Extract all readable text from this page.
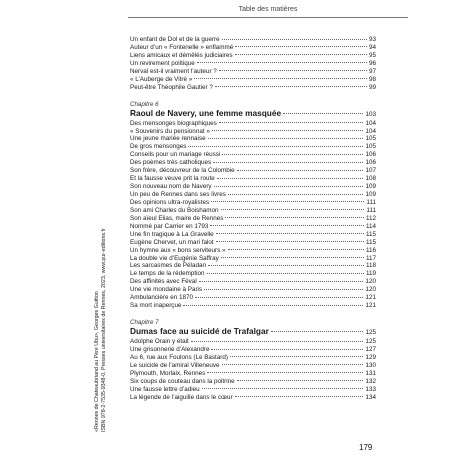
Table des matières
Un enfant de Dol et de la guerre	93
Auteur d’un « Fontenelle » enflammé	94
Liens amicaux et démêlés judiciaires	95
Un revirement politique	96
Nerval est-il vraiment l’auteur ?	97
« L’Auberge de Vitré »	98
Peut-être Théophile Gautier ?	99
Chapitre 6
Raoul de Navery, une femme masquée	103
Des mensonges biographiques	104
« Souvenirs du pensionnat »	104
Une jeune mariée rennaise	105
De gros mensonges	105
Conseils pour un mariage réussi	106
Des poèmes très catholiques	106
Son frère, découvreur de la Colombie	107
Et la fausse veuve prit la route	108
Son nouveau nom de Navery	109
Un peu de Rennes dans ses livres	109
Des opinions ultra-royalistes	111
Son ami Charles du Boishamon	111
Son aïeul Elias, maire de Rennes	112
Nommé par Carrier en 1793	114
Une fin tragique à La Gravelle	115
Eugène Chervet, un mari falot	115
Un hymne aux « bons serviteurs »	116
La double vie d’Eugénie Saffray	117
Les sarcasmes de Péladan	118
Le temps de la rédemption	119
Des affinités avec Féval	120
Une vie mondaine à Paris	120
Ambulancière en 1870	121
Sa mort inaperçue	121
Chapitre 7
Dumas face au suicidé de Trafalgar	125
Adolphe Orain y était	125
Une grisonnerie d’Alexandre	127
Au 6, rue aux Foulons (Le Bastard)	129
Le suicide de l’amiral Villeneuve	130
Plymouth, Morlaix, Rennes	131
Six coups de couteau dans la poitrine	132
Une fausse lettre d’adieu	133
La légende de l’aiguille dans le cœur	134
«Rennes de Chateaubriand au Père Ubu», Georges Guitton ISBN 978-2-7535-9348-0, Presses universitaires de Rennes, 2023, www.pur-editions.fr
179
